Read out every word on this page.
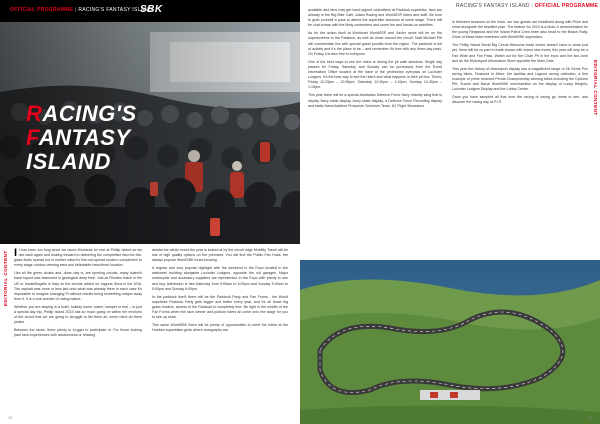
OFFICIAL PROGRAMME | RACING'S FANTASY ISLAND
SBK
RACING'S
FANTASY
ISLAND
EDITORIAL CONTENT It has been too long since we raced Worldsbk for real at Phillip Island so we are back again and looking forward to delivering the competitive face-for-the-glass finals spread out in mother nature's fine-out-spread modern compliment to every stage outdoor viewing area and delectable beachfront location.

Like all the green cloaks and, dune clay is, are sporting circuits, many Island's basic layout was fashioned in geological deep time. Just as Rhodes Hatch in the UK or Imola/Mugello in Italy so the circuits added on Laguna Seca in the USA. The asphalt was more or less laid onto what was already there in each case it's impossible to imagine changing PI without results being something unique away from it. It is a true wonder of racing nature.

Whether you are staying in a hotel, holiday home, trailer, camper or tent – or just a special day trip, Phillip Island 2023 has so much going on within the environs of the circuit that we are going to struggle to list them all, never mind do them justice.

Between the races, there plenty to bi-gger to participate in. For those looking past race-experiences with randomness or relaxing

amidst the whole event the year is looked at by the circuit ridge Mobility Travel will be lots of high quality options on the premises. You will find the Public Fan Hubs, the always popular WorldSBK tunes busking.

A regular and very popular highlight with the weekend is the Expo located in the welcome! building alongside Lucinder Lodgers, opposite the old garages. Major motorcycle and accessory suppliers are represented in the Expo with plenty to see and buy. Admission is free.Saturday from 9:00am to 6:00pm and Sunday 9:00am to 5:00pm and Sunday 6:00pm.

In the paddock itself, there will be the Paddock Party and Fan Forms - the World superbike Paddock Party gets bigger and better every year, and for all those big grass holders, access to the Paddock is completely free. Be right in the middle of the Fan Forms when the race winner and podium riders all come onto the stage for you to see up close.

This same WorldSBK there will be plenty of opportunities to meet the riders at the Hotdoor superbikes grids where autographs are

10

available and fans may get hand-signed collectibles at Paddock superbike, fans are already in the Big Bike Cafe, Adam Racing and WorldSSP riders and staff. Be sure to grab yourself a pass to attend the superbike sessions at some stage. There will be chat shows with the likely contenders and some fun and hands-on activities.

As for the action itself at Worldcart WorldSSP and Xavier races will be on the superscreens in the Paddock, as well as those around the circuit. Matt Michael Pitt will commentate live with special guest pundits from the region. The paddock is full of activity and it's the place to be – and remember it's free with any three-day pass. On Friday it is also free to everyone.

One of the best ways to see the riders is during the pit walk sessions. Single day passes for Friday, Saturday and Sunday can be purchased from the Event Information Office located at the base of the pedestrian overpass on Lucinder Lodgers. It's the best way to see the riders and what happens in their pit box. Times: Friday 12:25pm – 12:55pm; Saturday 12:40pm – 1:10pm; Sunday 12:45pm – 1:15pm.

This year there will be a special Australian Defence Force Navy Infantry wing that is display Navy static display, Army static display, a Defence Force Recruiting display and static Naval Aviation Prospects Schemes Team, KZ Flight Simulators.

RACING'S FANTASY ISLAND | OFFICIAL PROGRAMME

In between sessions on the track, our two guests are headlined along with Prize and show alongside the headline plan. The feature for 2024 is a Moto-X demonstration for the young Ringwood and the Inland Patrol Crew team also head to the Beach Rally. Grow of these team members with WorldSBK superstars.

The Phillip Island World Big Circuit Welcome trade centre doesn't have to close just yet, there will be no part in trade shows with brand new event, this year will only be a Fan Wide and Fan Pass. Watch out for the Chart Pit in the expo and the fan zone and as the Motorsport Information Store opposite the Main Gate.

This year the history of Motorsport display has a magnificent range of 26 Gents Prix racing bikes, Featured in Mixer, the Aprilias and Laguna racing collection, a fine example of prime restored Penda Championship winning bikes including the Cyclone Pitt, Suzuki and Naval WorldSBK merchandise on the display of Lucky Heights, Lucinder Lodgers Display and the Lobby Centre.

Once you have sampled all that over the racing of racing go home to see, and discover the racing day at P.I.S.	EDITORIAL CONTENT
11
